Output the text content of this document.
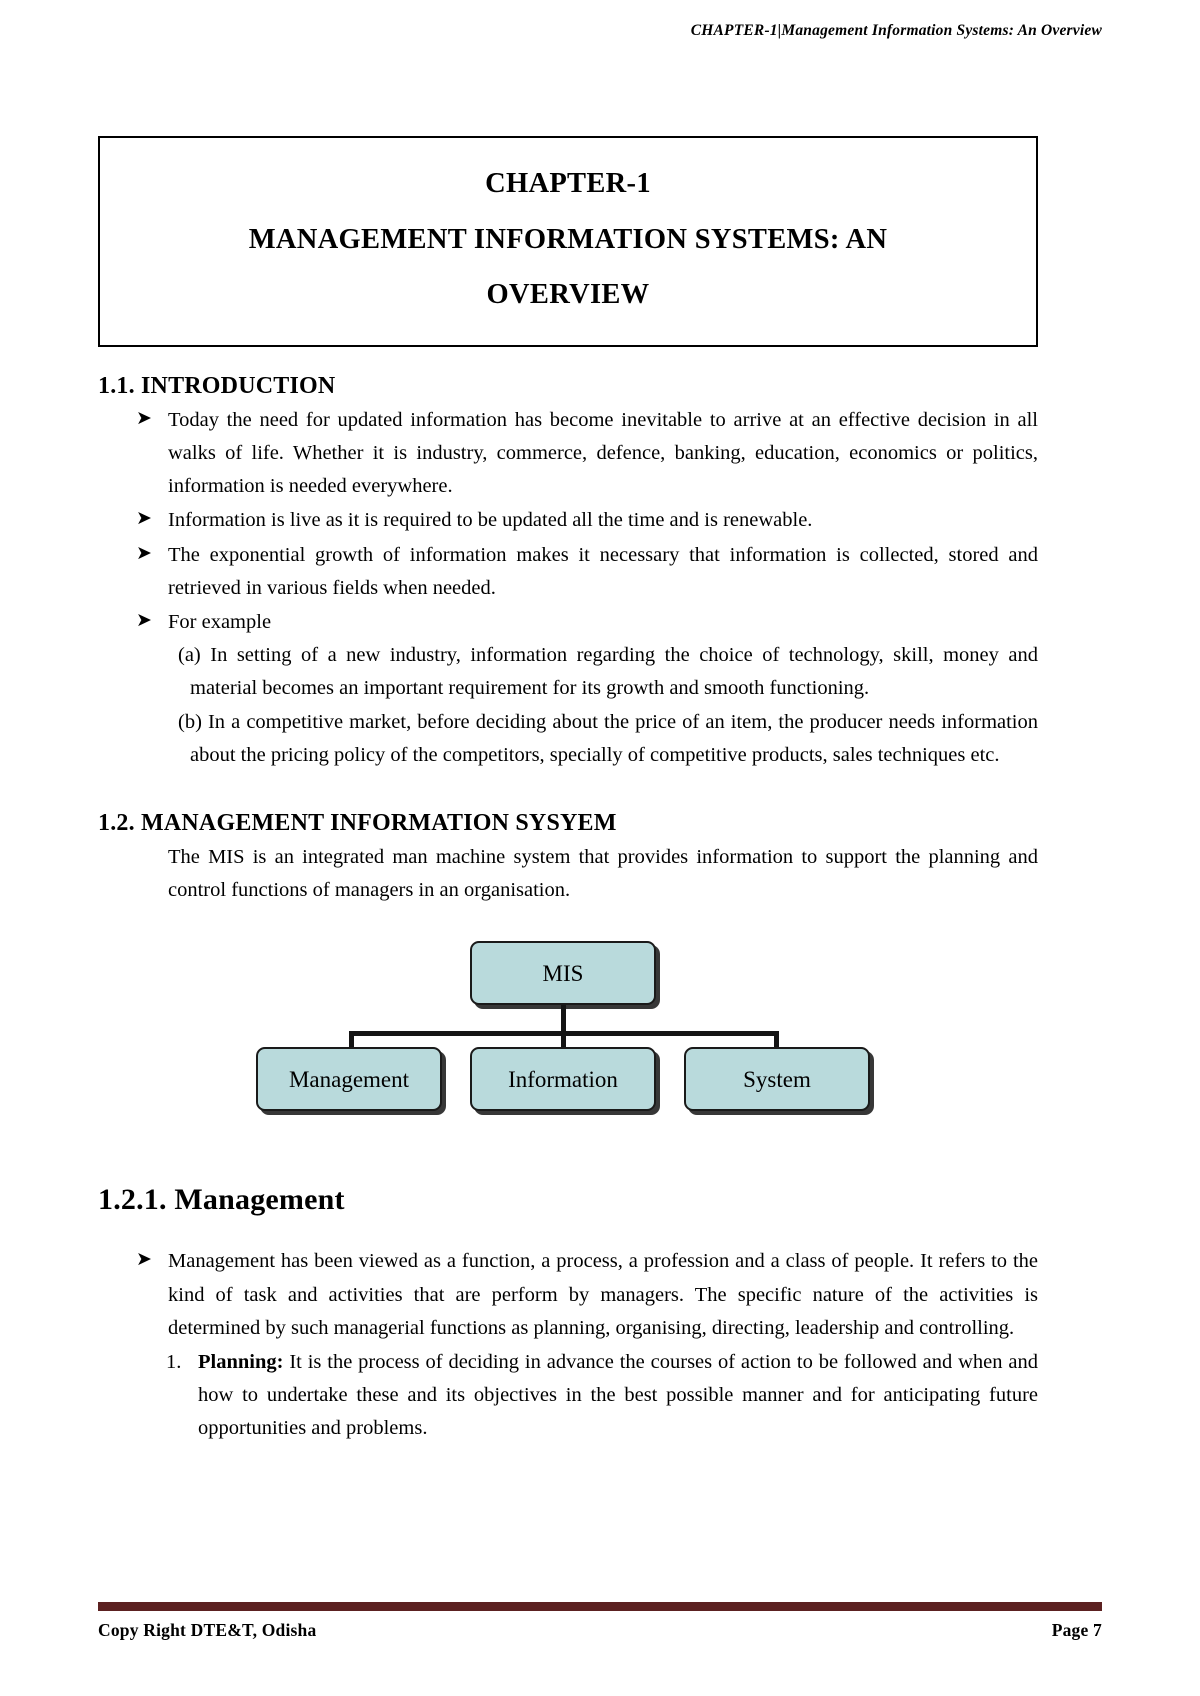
CHAPTER-1|Management Information Systems: An Overview
CHAPTER-1
MANAGEMENT INFORMATION SYSTEMS: AN
OVERVIEW
1.1. INTRODUCTION
➤ Today the need for updated information has become inevitable to arrive at an effective decision in all walks of life. Whether it is industry, commerce, defence, banking, education, economics or politics, information is needed everywhere.
➤ Information is live as it is required to be updated all the time and is renewable.
➤ The exponential growth of information makes it necessary that information is collected, stored and retrieved in various fields when needed.
➤ For example
(a) In setting of a new industry, information regarding the choice of technology, skill, money and material becomes an important requirement for its growth and smooth functioning.
(b) In a competitive market, before deciding about the price of an item, the producer needs information about the pricing policy of the competitors, specially of competitive products, sales techniques etc.
1.2. MANAGEMENT INFORMATION SYSYEM

The MIS is an integrated man machine system that provides information to support the planning and control functions of managers in an organisation.

MIS
Management	Information	System
1.2.1. Management
➤ Management has been viewed as a function, a process, a profession and a class of people. It refers to the kind of task and activities that are perform by managers. The specific nature of the activities is determined by such managerial functions as planning, organising, directing, leadership and controlling.
1. Planning: It is the process of deciding in advance the courses of action to be followed and when and how to undertake these and its objectives in the best possible manner and for anticipating future opportunities and problems.
Copy Right DTE&T, Odisha	Page 7
